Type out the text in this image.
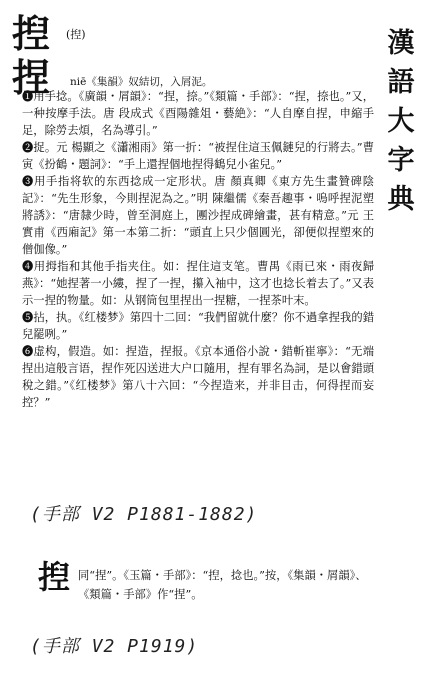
漢
語
大
字
典
揑 (揑)
捏 niē《集韻》奴結切，入屑泥。

❶用手捻。《廣韻・屑韻》：“捏，捺。”《類篇・手部》：“捏，捺也。”又，一种按摩手法。唐 段成式《酉陽雜俎・藝絶》：“人自摩自捏，申縮手足，除勞去煩，名為導引。”

❷捉。元 楊顯之《瀟湘雨》第一折：“被捏住這玉佩鏈兒的行將去。”曹寅《扮鶴・題詞》：“手上還捏個地捏得鶴兒小雀兒。”

❸用手指将软的东西捻成一定形状。唐 顏真卿《東方先生畫贊碑陰記》：“先生形象，今則捏泥為之。”明 陳繼儒《秦吾趣事・嗚呼捏泥塑將誘》：“唐隸少時，曾至洞庭上，團沙捏成碑繪畫，甚有精意。”元 王實甫《西廂記》第一本第二折：“頭直上只少個圓光，卻便似捏塑來的僧伽像。”

❹用拇指和其他手指夹住。如：捏住這支笔。曹禺《雨已來・雨夜歸燕》：“她捏著一小縷，捏了一捏，攥入袖中，这才也捻长着去了。”又表示一捏的物量。如：从钢筒包里捏出一捏糖，一捏茶叶末。

❺拈，执。《红楼梦》第四十二回：“我們留就什麼？你不過拿捏我的錯兒罷咧。”

❻虚构，假造。如：捏造，捏报。《京本通俗小說・錯斬崔寧》：“无端捏出這般言语，捏作死囚送进大户口隨用，捏有罪名為詞，是以會錯頭稅之錯。”《红楼梦》第八十六回：“今捏造来，并非目击，何得捏而妄控？”

(手部 V2 P1881-1882)
揑 同“捏”。《玉篇・手部》：“揑，捻也。”按，《集韻・屑韻》、《類篇・手部》作“捏”。
(手部 V2 P1919)
